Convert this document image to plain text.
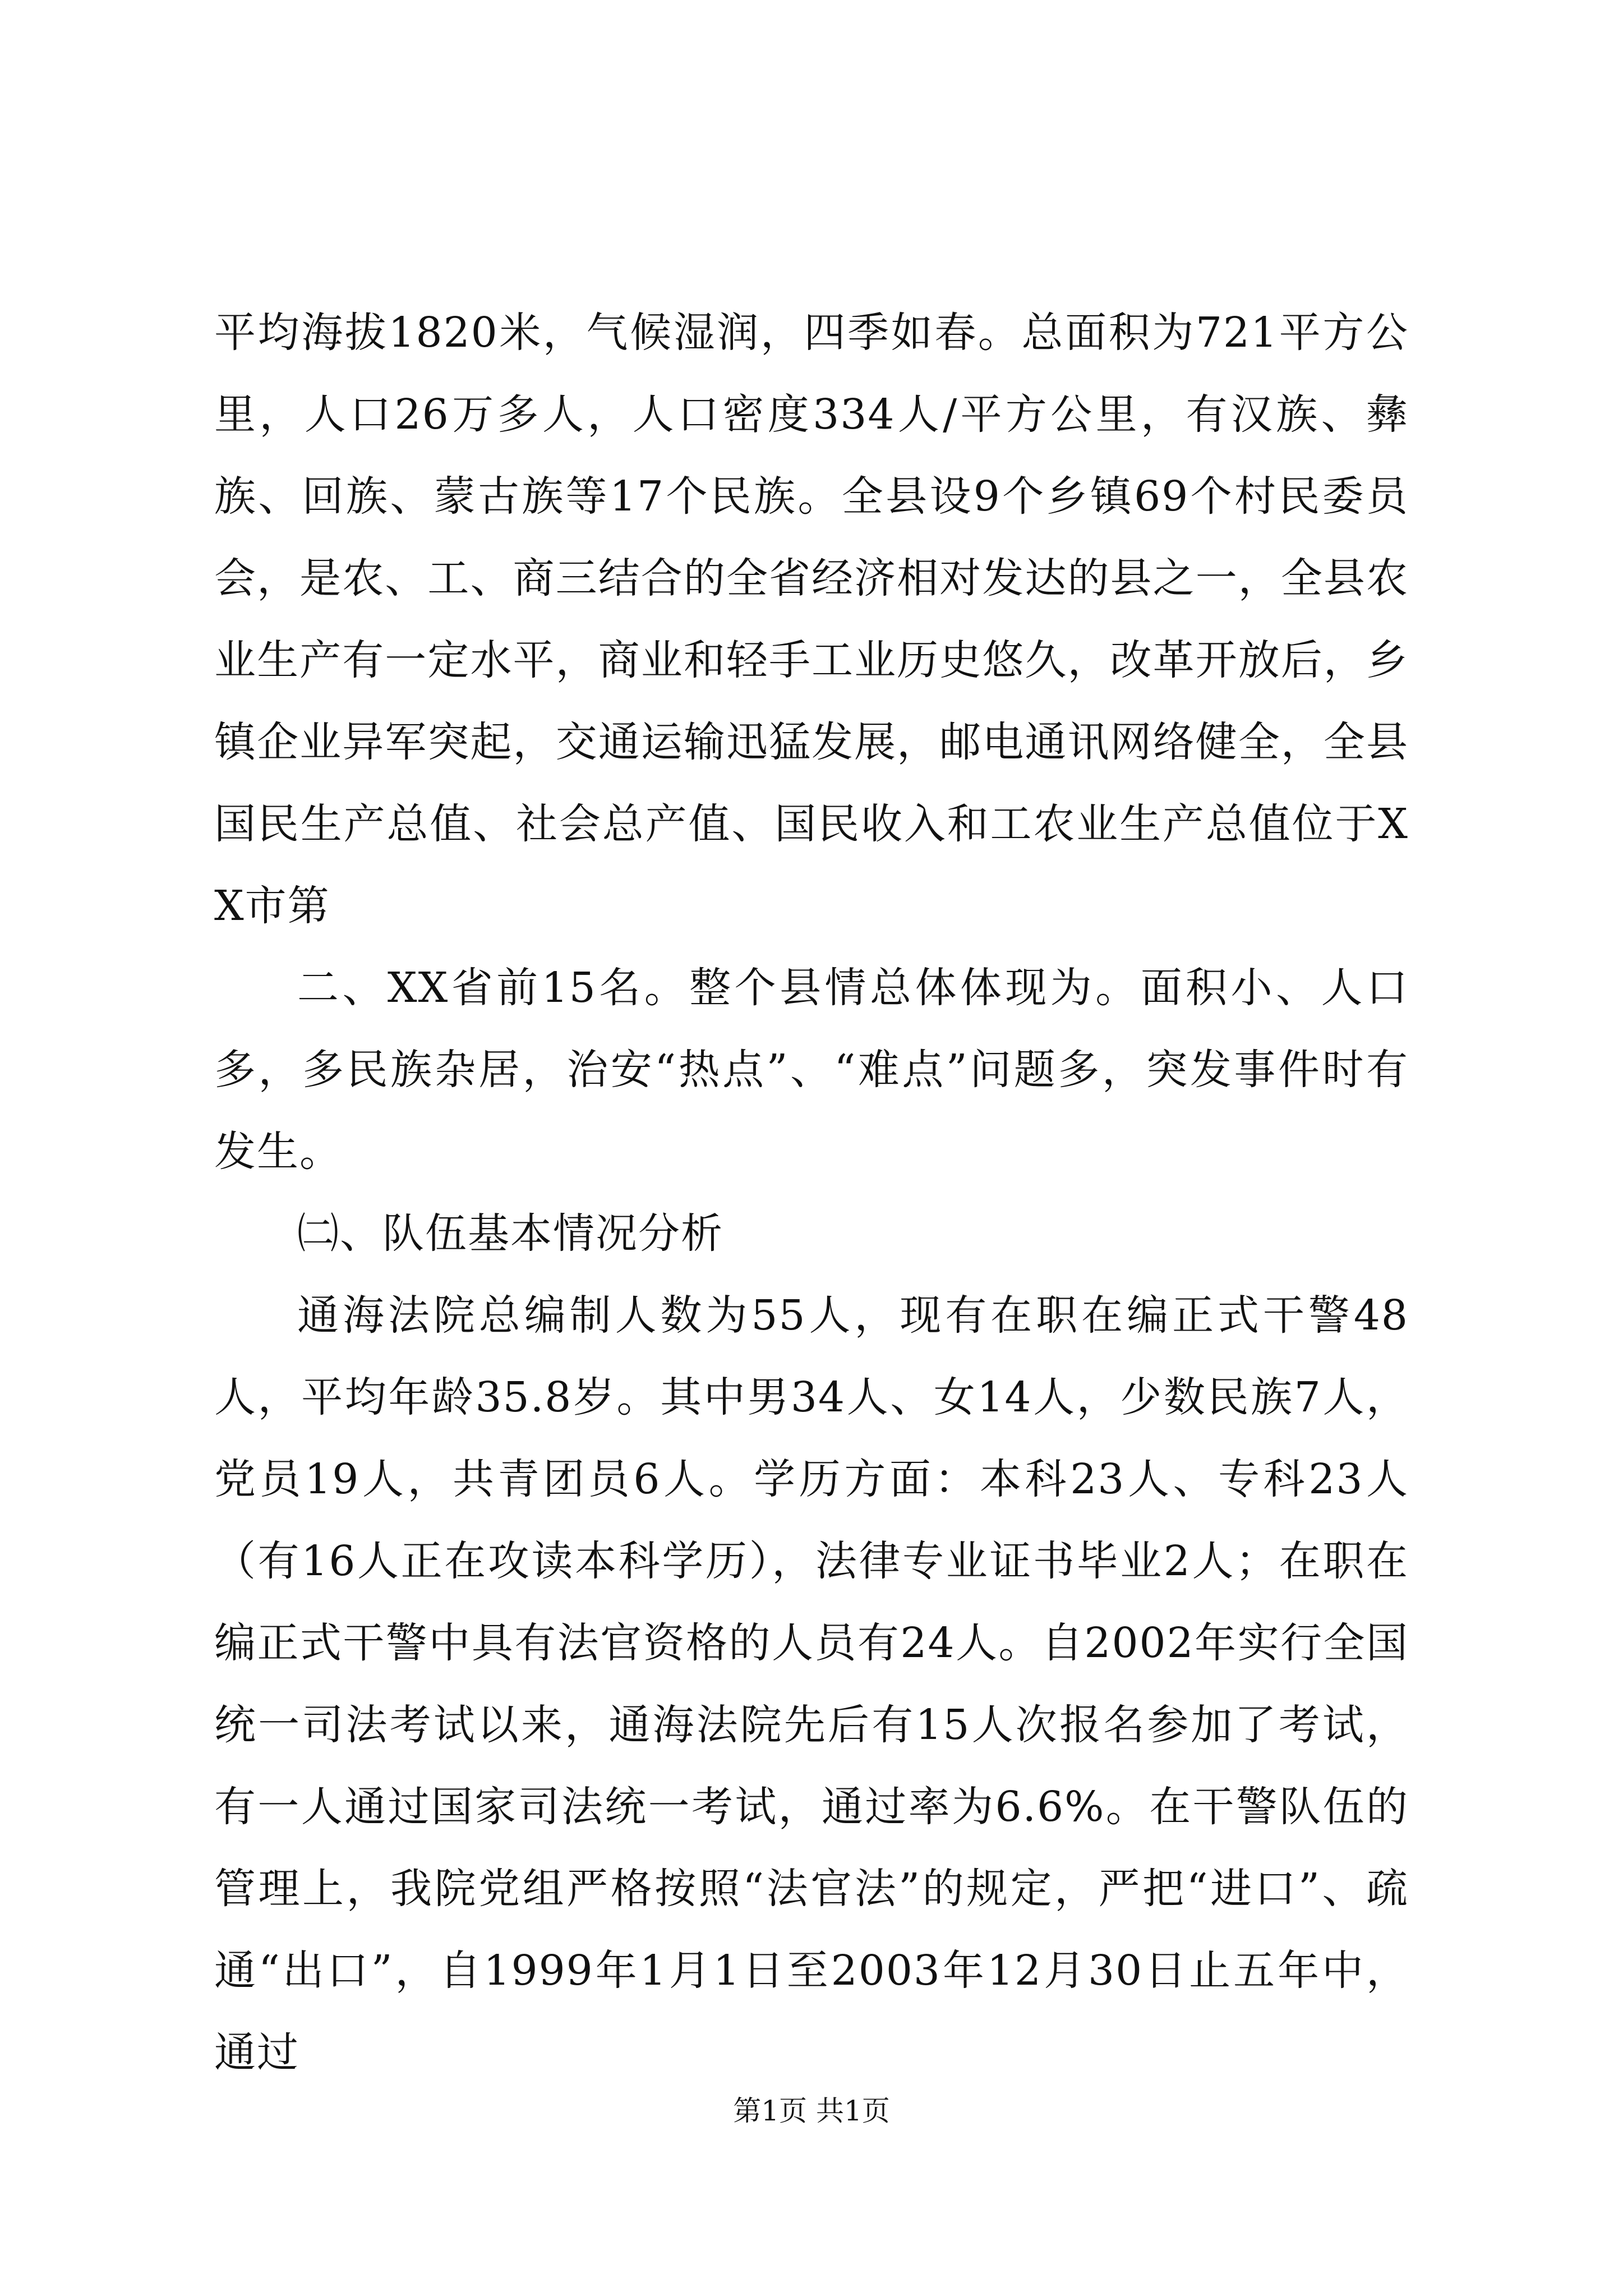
平均海拔1820米，气候湿润，四季如春。总面积为721平方公里，人口26万多人，人口密度334人/平方公里，有汉族、彝族、回族、蒙古族等17个民族。全县设9个乡镇69个村民委员会，是农、工、商三结合的全省经济相对发达的县之一，全县农业生产有一定水平，商业和轻手工业历史悠久，改革开放后，乡镇企业异军突起，交通运输迅猛发展，邮电通讯网络健全，全县国民生产总值、社会总产值、国民收入和工农业生产总值位于XX市第

二、XX省前15名。整个县情总体体现为。面积小、人口多，多民族杂居，治安“热点”、“难点”问题多，突发事件时有发生。

㈡、队伍基本情况分析

通海法院总编制人数为55人，现有在职在编正式干警48人，平均年龄35.8岁。其中男34人、女14人，少数民族7人，党员19人，共青团员6人。学历方面：本科23人、专科23人（有16人正在攻读本科学历），法律专业证书毕业2人；在职在编正式干警中具有法官资格的人员有24人。自2002年实行全国统一司法考试以来，通海法院先后有15人次报名参加了考试，有一人通过国家司法统一考试，通过率为6.6%。在干警队伍的管理上，我院党组严格按照“法官法”的规定，严把“进口”、疏通“出口”，自1999年1月1日至2003年12月30日止五年中，通过

第1页 共1页
